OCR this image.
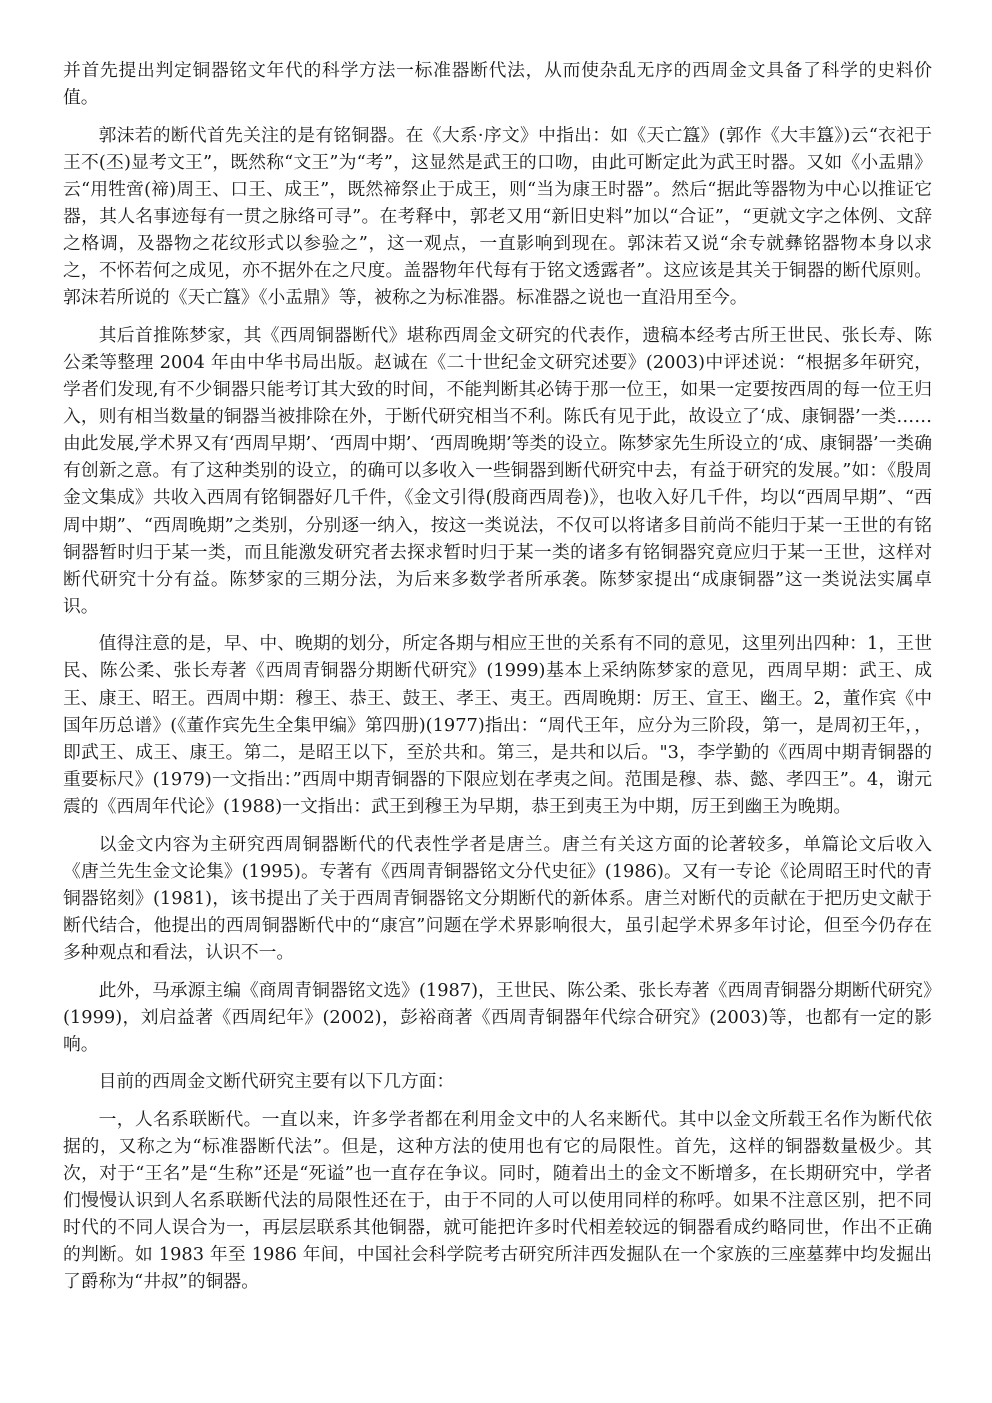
并首先提出判定铜器铭文年代的科学方法一标准器断代法，从而使杂乱无序的西周金文具备了科学的史料价值。

郭沫若的断代首先关注的是有铭铜器。在《大系·序文》中指出：如《天亡簋》(郭作《大丰簋》)云“衣祀于王不(丕)显考文王”，既然称“文王”为“考”，这显然是武王的口吻，由此可断定此为武王时器。又如《小盂鼎》云“用牲啻(禘)周王、口王、成王”，既然禘祭止于成王，则“当为康王时器”。然后“据此等器物为中心以推证它器，其人名事迹每有一贯之脉络可寻”。在考释中，郭老又用“新旧史料”加以“合证”，“更就文字之体例、文辞之格调，及器物之花纹形式以参验之”，这一观点，一直影响到现在。郭沫若又说“余专就彝铭器物本身以求之，不怀若何之成见，亦不据外在之尺度。盖器物年代每有于铭文透露者”。这应该是其关于铜器的断代原则。郭沫若所说的《天亡簋》《小盂鼎》等，被称之为标准器。标准器之说也一直沿用至今。

其后首推陈梦家，其《西周铜器断代》堪称西周金文研究的代表作，遗稿本经考古所王世民、张长寿、陈公柔等整理 2004 年由中华书局出版。赵诚在《二十世纪金文研究述要》(2003)中评述说：“根据多年研究，学者们发现,有不少铜器只能考订其大致的时间，不能判断其必铸于那一位王，如果一定要按西周的每一位王归入，则有相当数量的铜器当被排除在外，于断代研究相当不利。陈氏有见于此，故设立了‘成、康铜器’一类……由此发展,学术界又有‘西周早期’、‘西周中期’、‘西周晚期’等类的设立。陈梦家先生所设立的‘成、康铜器’一类确有创新之意。有了这种类别的设立，的确可以多收入一些铜器到断代研究中去，有益于研究的发展。”如：《殷周金文集成》共收入西周有铭铜器好几千件，《金文引得(殷商西周卷)》，也收入好几千件，均以“西周早期”、“西周中期”、“西周晚期”之类别，分别逐一纳入，按这一类说法，不仅可以将诸多目前尚不能归于某一王世的有铭铜器暂时归于某一类，而且能激发研究者去探求暂时归于某一类的诸多有铭铜器究竟应归于某一王世，这样对断代研究十分有益。陈梦家的三期分法，为后来多数学者所承袭。陈梦家提出“成康铜器”这一类说法实属卓识。

值得注意的是，早、中、晚期的划分，所定各期与相应王世的关系有不同的意见，这里列出四种：1，王世民、陈公柔、张长寿著《西周青铜器分期断代研究》(1999)基本上采纳陈梦家的意见，西周早期：武王、成王、康王、昭王。西周中期：穆王、恭王、鼓王、孝王、夷王。西周晚期：厉王、宣王、幽王。2，董作宾《中国年历总谱》(《董作宾先生全集甲编》第四册)(1977)指出：“周代王年，应分为三阶段，第一，是周初王年，，即武王、成王、康王。第二，是昭王以下，至於共和。第三，是共和以后。"3，李学勤的《西周中期青铜器的重要标尺》(1979)一文指出：”西周中期青铜器的下限应划在孝夷之间。范围是穆、恭、懿、孝四王”。4，谢元震的《西周年代论》(1988)一文指出：武王到穆王为早期，恭王到夷王为中期，厉王到幽王为晚期。

以金文内容为主研究西周铜器断代的代表性学者是唐兰。唐兰有关这方面的论著较多，单篇论文后收入《唐兰先生金文论集》(1995)。专著有《西周青铜器铭文分代史征》(1986)。又有一专论《论周昭王时代的青铜器铭刻》(1981)，该书提出了关于西周青铜器铭文分期断代的新体系。唐兰对断代的贡献在于把历史文献于断代结合，他提出的西周铜器断代中的“康宫”问题在学术界影响很大，虽引起学术界多年讨论，但至今仍存在多种观点和看法，认识不一。

此外，马承源主编《商周青铜器铭文选》(1987)，王世民、陈公柔、张长寿著《西周青铜器分期断代研究》(1999)，刘启益著《西周纪年》(2002)，彭裕商著《西周青铜器年代综合研究》(2003)等，也都有一定的影响。

目前的西周金文断代研究主要有以下几方面：

一，人名系联断代。一直以来，许多学者都在利用金文中的人名来断代。其中以金文所载王名作为断代依据的，又称之为“标准器断代法”。但是，这种方法的使用也有它的局限性。首先，这样的铜器数量极少。其次，对于“王名”是“生称”还是“死谥”也一直存在争议。同时，随着出土的金文不断增多，在长期研究中，学者们慢慢认识到人名系联断代法的局限性还在于，由于不同的人可以使用同样的称呼。如果不注意区别，把不同时代的不同人误合为一，再层层联系其他铜器，就可能把许多时代相差较远的铜器看成约略同世，作出不正确的判断。如 1983 年至 1986 年间，中国社会科学院考古研究所沣西发掘队在一个家族的三座墓葬中均发掘出了爵称为“井叔”的铜器。
